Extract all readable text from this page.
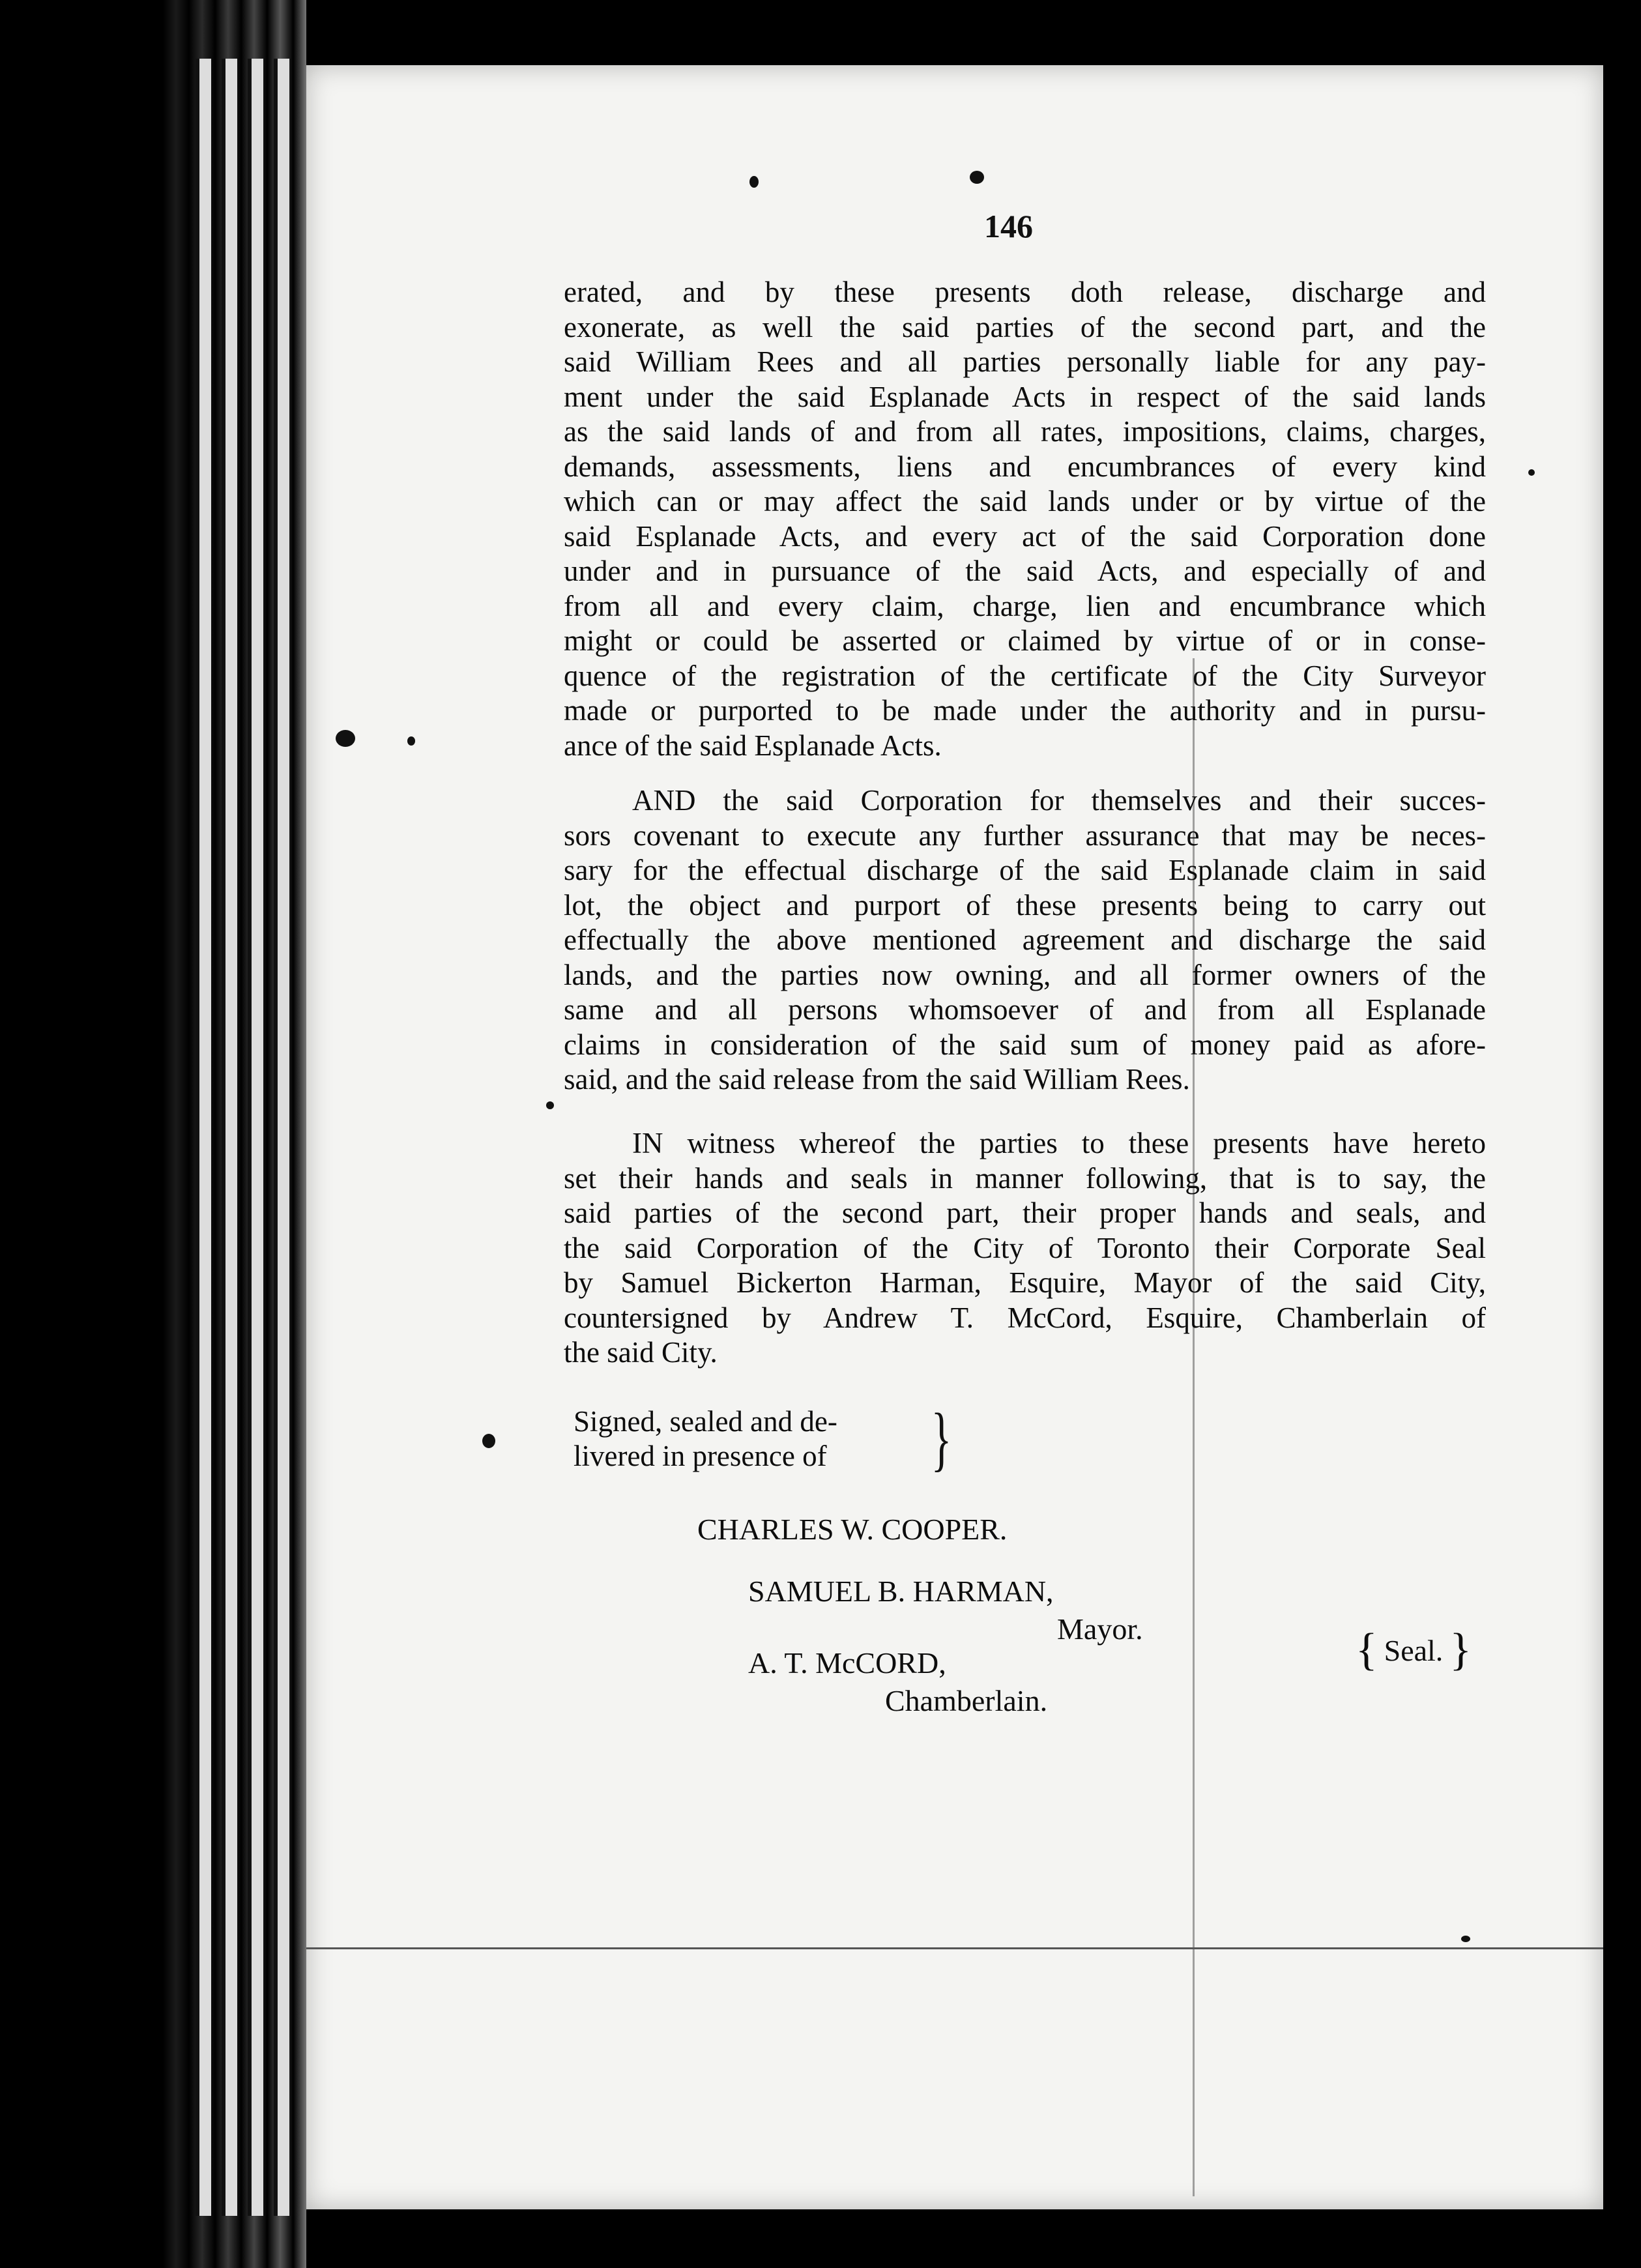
146

erated, and by these presents doth release, discharge and
exonerate, as well the said parties of the second part, and the
said William Rees and all parties personally liable for any pay-
ment under the said Esplanade Acts in respect of the said lands
as the said lands of and from all rates, impositions, claims, charges,
demands, assessments, liens and encumbrances of every kind
which can or may affect the said lands under or by virtue of the
said Esplanade Acts, and every act of the said Corporation done
under and in pursuance of the said Acts, and especially of and
from all and every claim, charge, lien and encumbrance which
might or could be asserted or claimed by virtue of or in conse-
quence of the registration of the certificate of the City Surveyor
made or purported to be made under the authority and in pursu-
ance of the said Esplanade Acts.

AND the said Corporation for themselves and their succes-
sors covenant to execute any further assurance that may be neces-
sary for the effectual discharge of the said Esplanade claim in said
lot, the object and purport of these presents being to carry out
effectually the above mentioned agreement and discharge the said
lands, and the parties now owning, and all former owners of the
same and all persons whomsoever of and from all Esplanade
claims in consideration of the said sum of money paid as afore-
said, and the said release from the said William Rees.

IN witness whereof the parties to these presents have hereto
set their hands and seals in manner following, that is to say, the
said parties of the second part, their proper hands and seals, and
the said Corporation of the City of Toronto their Corporate Seal
by Samuel Bickerton Harman, Esquire, Mayor of the said City,
countersigned by Andrew T. McCord, Esquire, Chamberlain of
the said City.

Signed, sealed and de-
livered in presence of }
CHARLES W. COOPER.
SAMUEL B. HARMAN,
Mayor.
A. T. McCORD,
Chamberlain.
{ Seal. }
